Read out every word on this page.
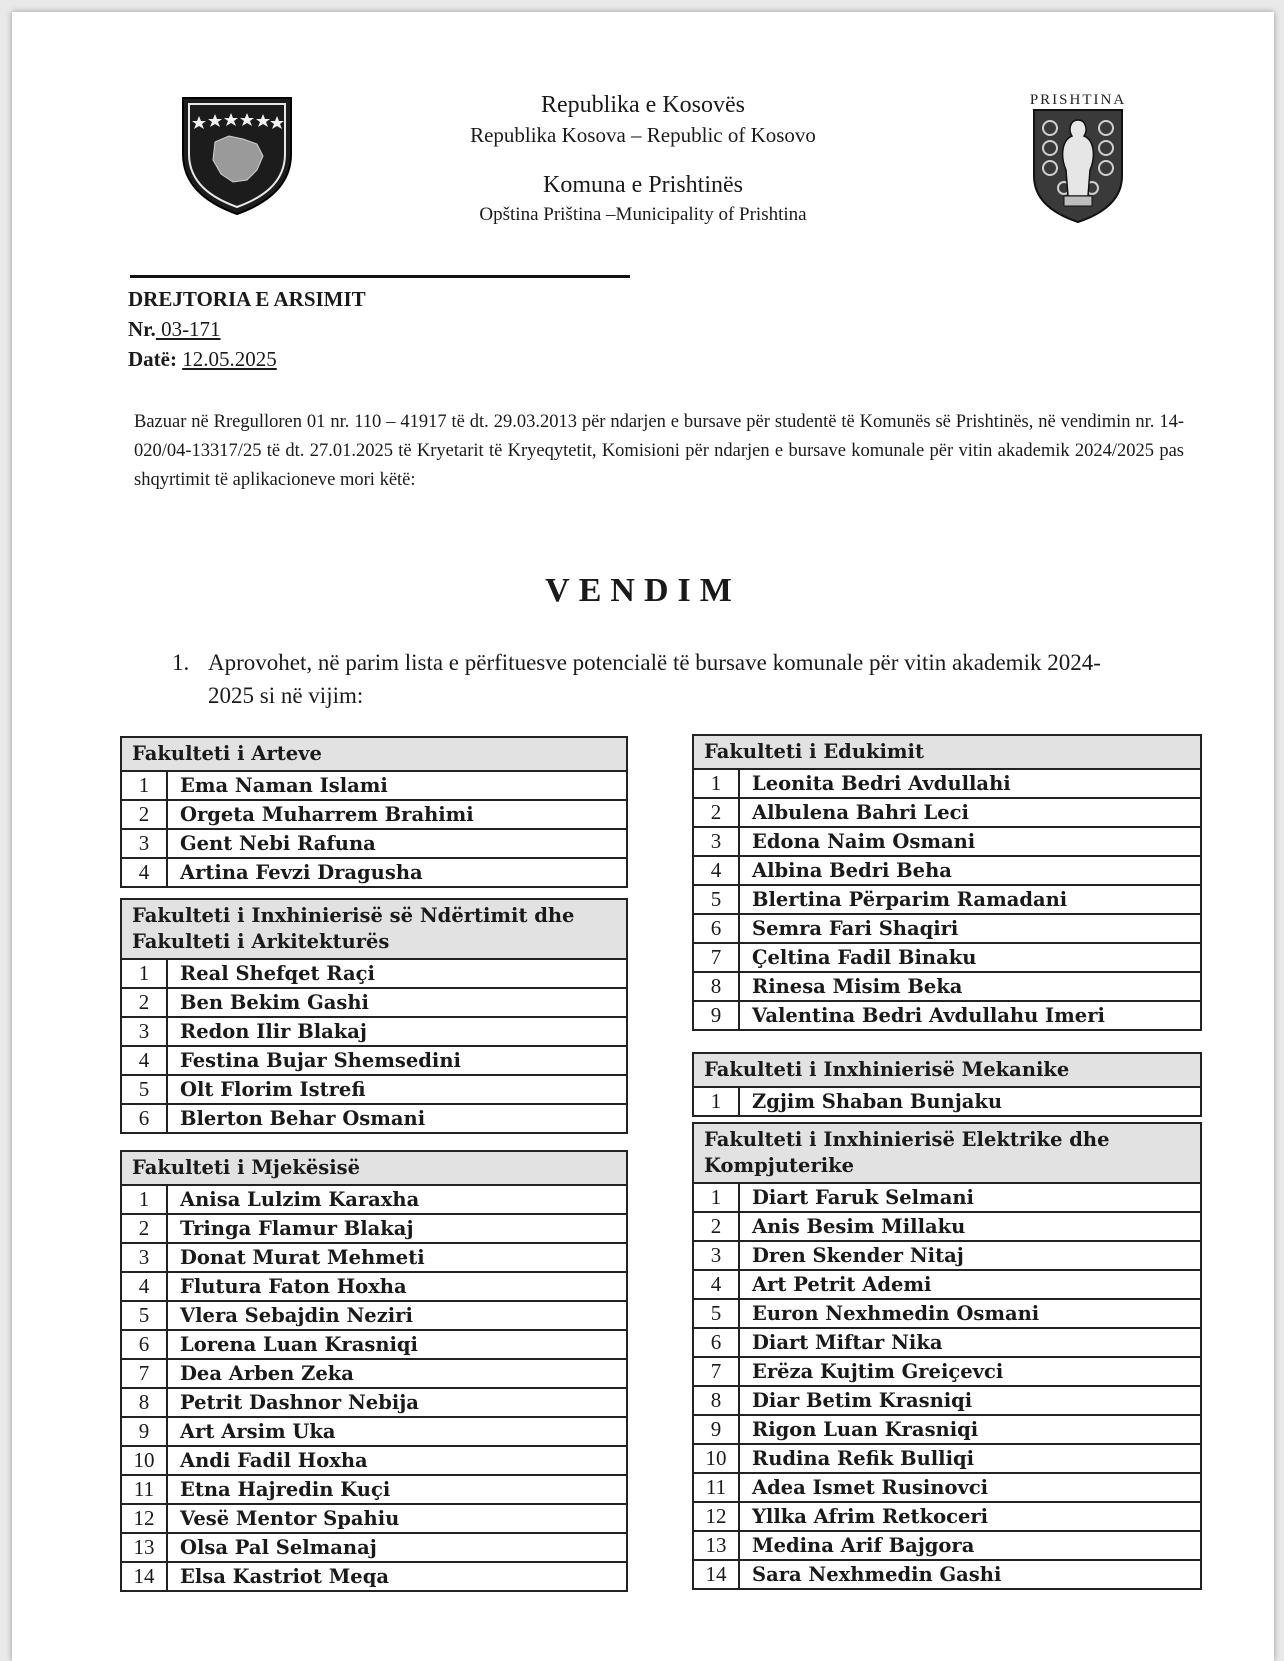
Republika e Kosovës
Republika Kosova – Republic of Kosovo
Komuna e Prishtinës
Opština Priština –Municipality of Prishtina
PRISHTINA
DREJTORIA E ARSIMIT
Nr. 03-171
Datë: 12.05.2025
Bazuar në Rregulloren 01 nr. 110 – 41917 të dt. 29.03.2013 për ndarjen e bursave për studentë të Komunës së Prishtinës, në vendimin nr. 14-020/04-13317/25 të dt. 27.01.2025 të Kryetarit të Kryeqytetit, Komisioni për ndarjen e bursave komunale për vitin akademik 2024/2025 pas shqyrtimit të aplikacioneve mori këtë:
VENDIM
1. Aprovohet, në parim lista e përfituesve potencialë të bursave komunale për vitin akademik 2024-2025 si në vijim:
Fakulteti i Arteve	
1	Ema Naman Islami
2	Orgeta Muharrem Brahimi
3	Gent Nebi Rafuna
4	Artina Fevzi Dragusha
Fakulteti i Inxhinierisë së Ndërtimit dhe Fakulteti i Arkitekturës	
1	Real Shefqet Raçi
2	Ben Bekim Gashi
3	Redon Ilir Blakaj
4	Festina Bujar Shemsedini
5	Olt Florim Istrefi
6	Blerton Behar Osmani
Fakulteti i Mjekësisë	
1	Anisa Lulzim Karaxha
2	Tringa Flamur Blakaj
3	Donat Murat Mehmeti
4	Flutura Faton Hoxha
5	Vlera Sebajdin Neziri
6	Lorena Luan Krasniqi
7	Dea Arben Zeka
8	Petrit Dashnor Nebija
9	Art Arsim Uka
10	Andi Fadil Hoxha
11	Etna Hajredin Kuçi
12	Vesë Mentor Spahiu
13	Olsa Pal Selmanaj
14	Elsa Kastriot Meqa
Fakulteti i Edukimit	
1	Leonita Bedri Avdullahi
2	Albulena Bahri Leci
3	Edona Naim Osmani
4	Albina Bedri Beha
5	Blertina Përparim Ramadani
6	Semra Fari Shaqiri
7	Çeltina Fadil Binaku
8	Rinesa Misim Beka
9	Valentina Bedri Avdullahu Imeri
Fakulteti i Inxhinierisë Mekanike
1	Zgjim Shaban Bunjaku
Fakulteti i Inxhinierisë Elektrike dhe Kompjuterike	
1	Diart Faruk Selmani
2	Anis Besim Millaku
3	Dren Skender Nitaj
4	Art Petrit Ademi
5	Euron Nexhmedin Osmani
6	Diart Miftar Nika
7	Erëza Kujtim Greiçevci
8	Diar Betim Krasniqi
9	Rigon Luan Krasniqi
10	Rudina Refik Bulliqi
11	Adea Ismet Rusinovci
12	Yllka Afrim Retkoceri
13	Medina Arif Bajgora
14	Sara Nexhmedin Gashi
